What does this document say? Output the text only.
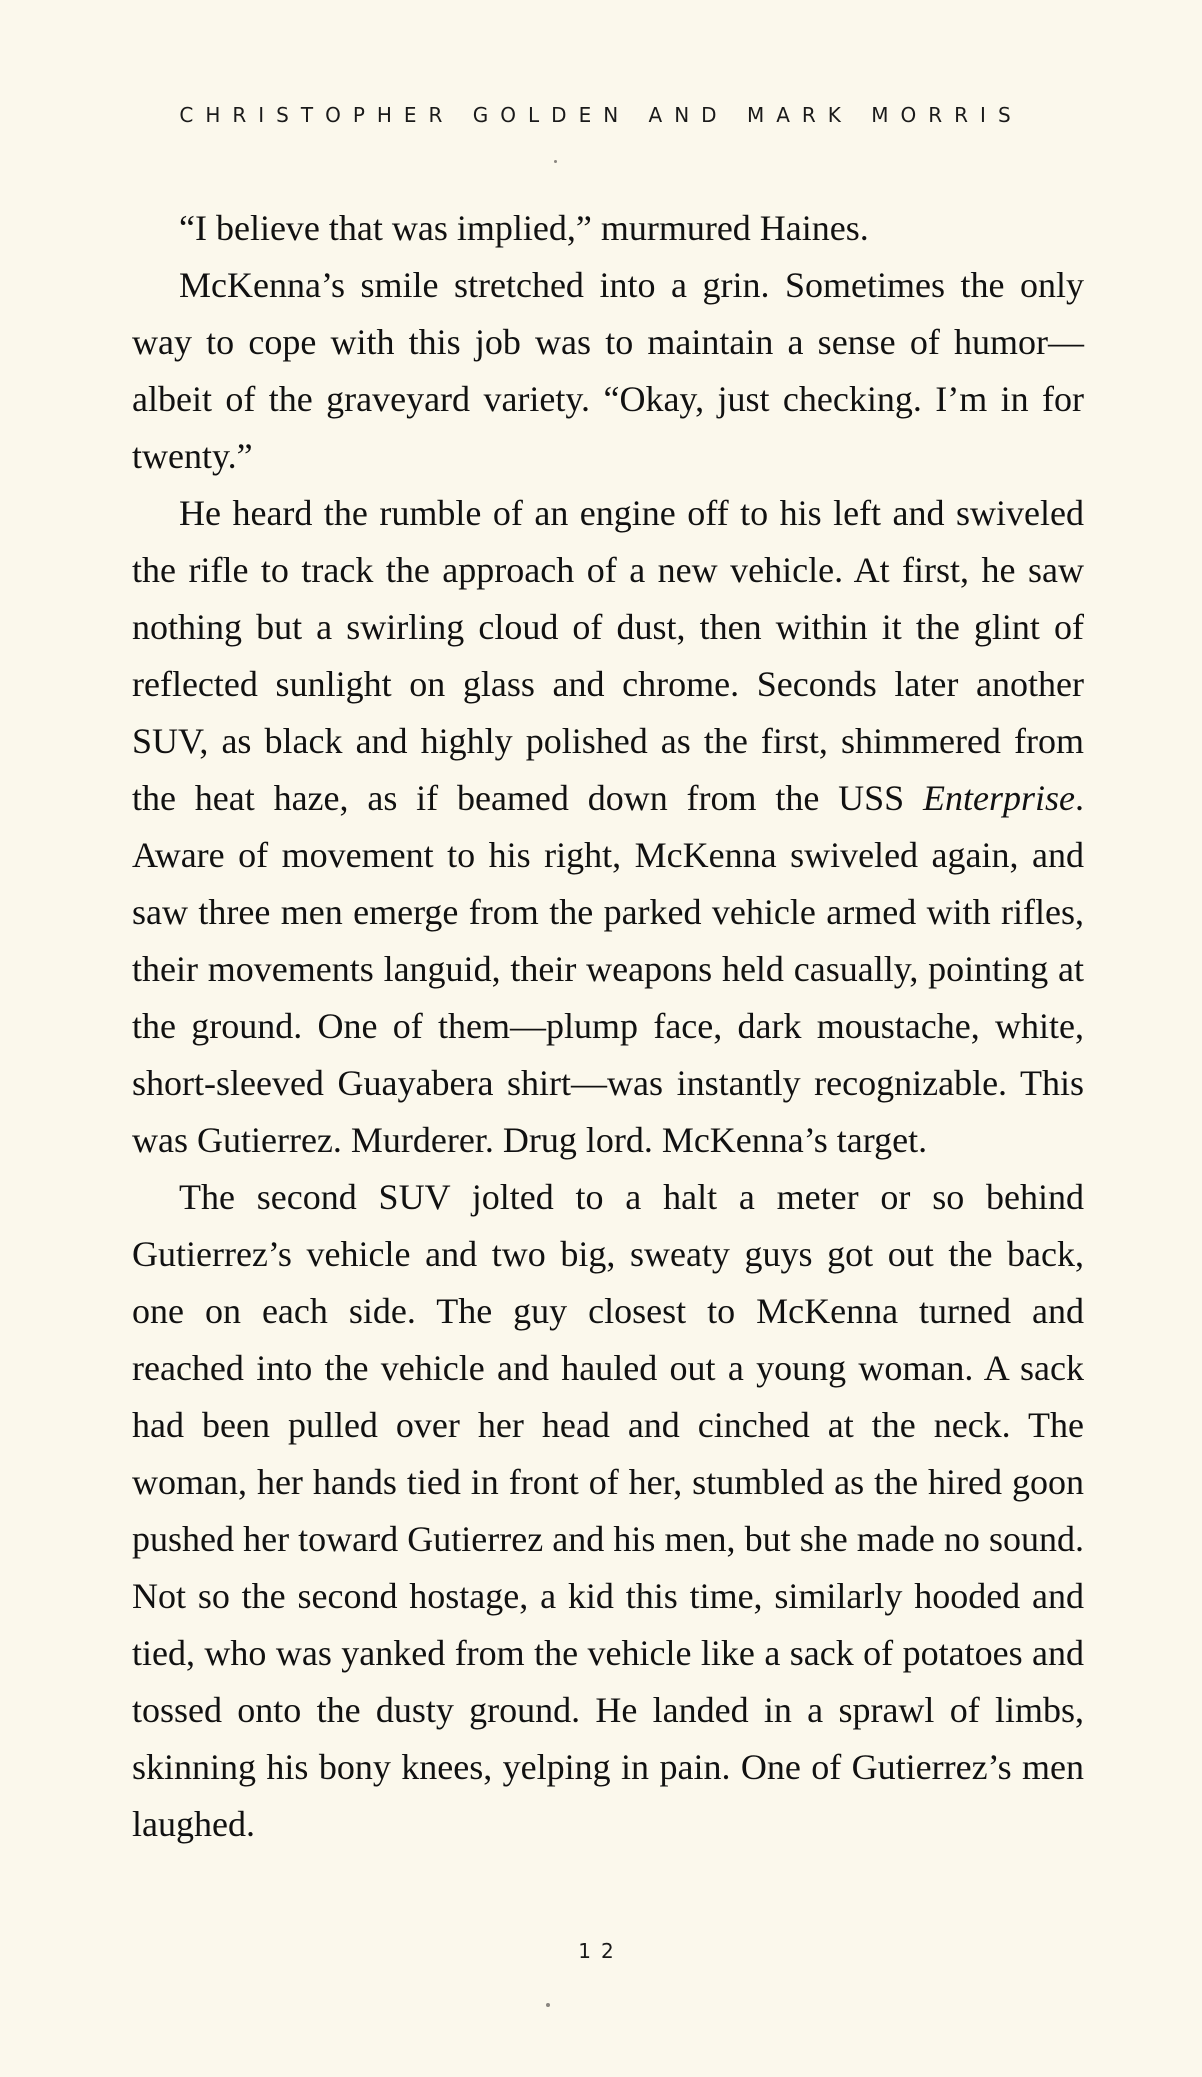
CHRISTOPHER GOLDEN AND MARK MORRIS

“I believe that was implied,” murmured Haines.

McKenna’s smile stretched into a grin. Sometimes the only way to cope with this job was to maintain a sense of humor—albeit of the graveyard variety. “Okay, just checking. I’m in for twenty.”

He heard the rumble of an engine off to his left and swiveled the rifle to track the approach of a new vehicle. At first, he saw nothing but a swirling cloud of dust, then within it the glint of reflected sunlight on glass and chrome. Seconds later another SUV, as black and highly polished as the first, shimmered from the heat haze, as if beamed down from the USS Enterprise. Aware of movement to his right, McKenna swiveled again, and saw three men emerge from the parked vehicle armed with rifles, their movements languid, their weapons held casually, pointing at the ground. One of them—plump face, dark moustache, white, short-sleeved Guayabera shirt—was instantly recognizable. This was Gutierrez. Murderer. Drug lord. McKenna’s target.

The second SUV jolted to a halt a meter or so behind Gutierrez’s vehicle and two big, sweaty guys got out the back, one on each side. The guy closest to McKenna turned and reached into the vehicle and hauled out a young woman. A sack had been pulled over her head and cinched at the neck. The woman, her hands tied in front of her, stumbled as the hired goon pushed her toward Gutierrez and his men, but she made no sound. Not so the second hostage, a kid this time, similarly hooded and tied, who was yanked from the vehicle like a sack of potatoes and tossed onto the dusty ground. He landed in a sprawl of limbs, skinning his bony knees, yelping in pain. One of Gutierrez’s men laughed.

12
